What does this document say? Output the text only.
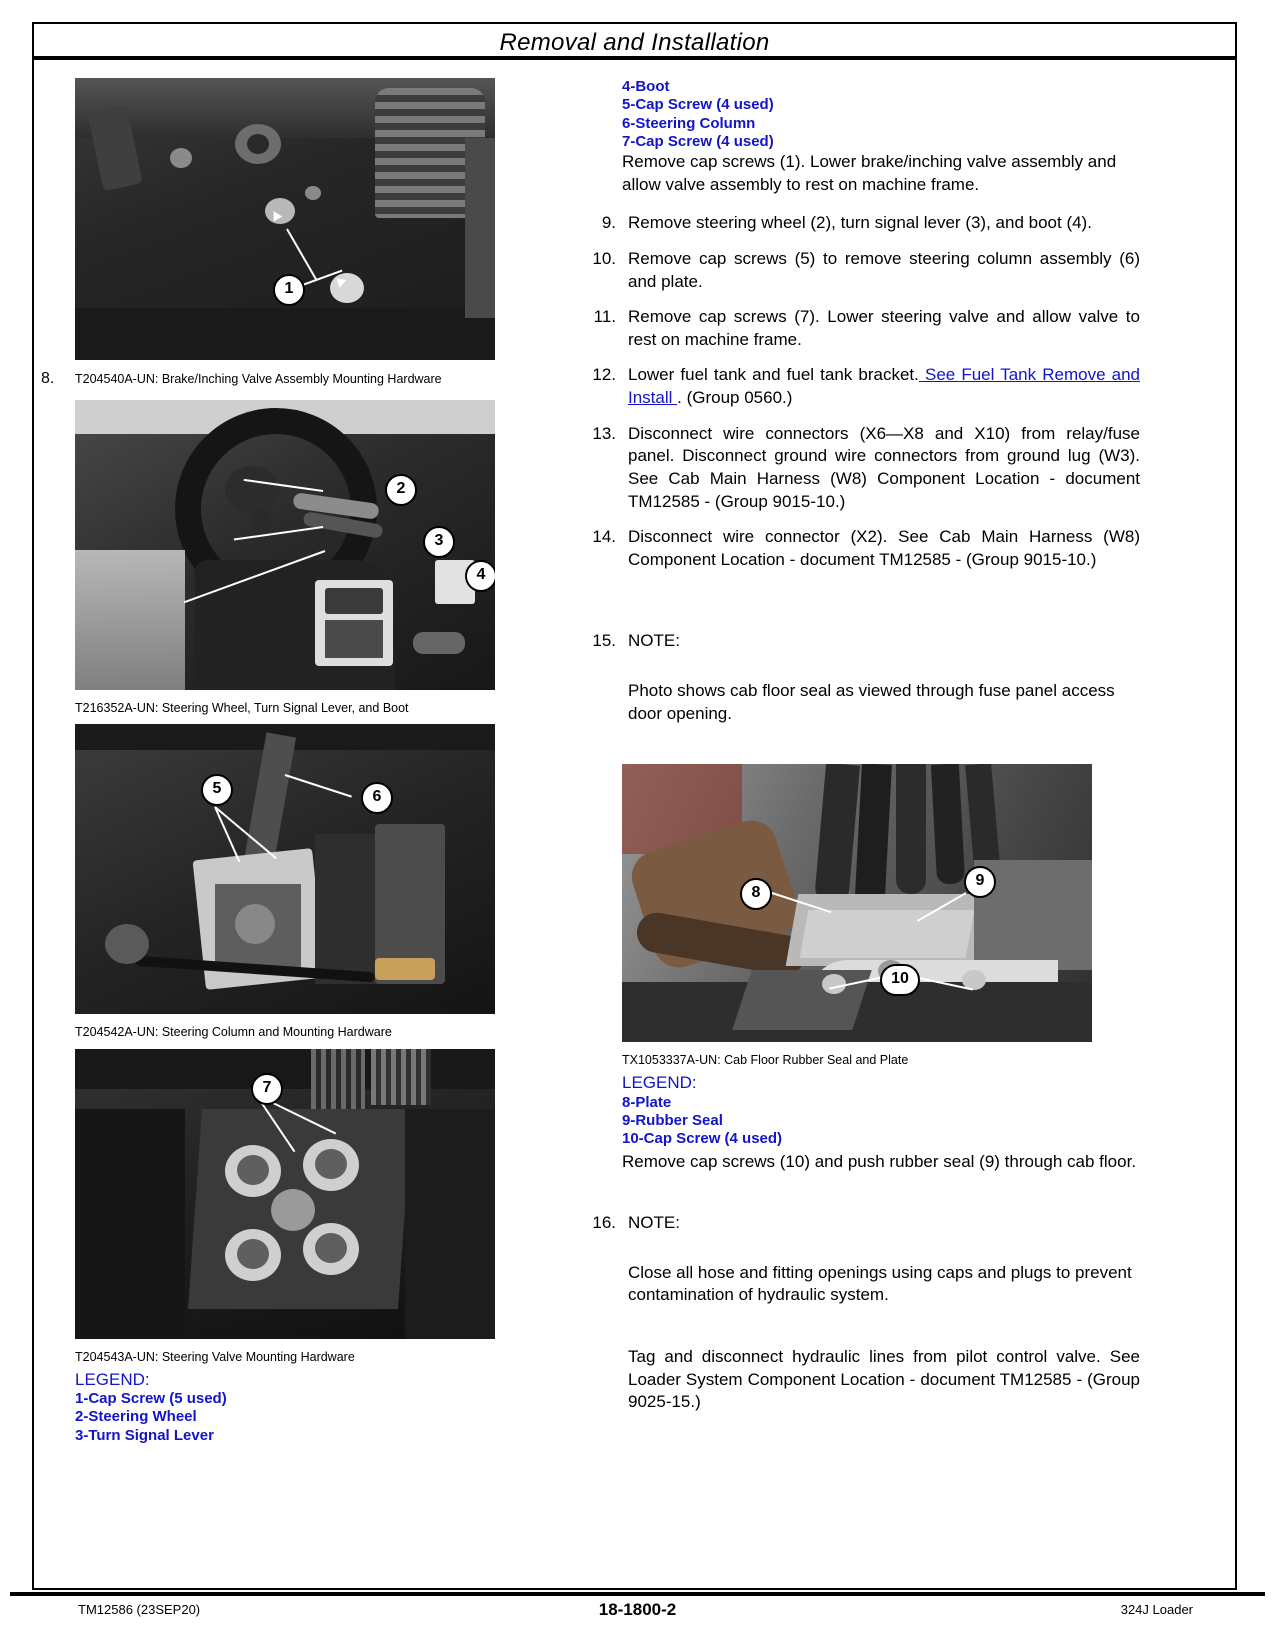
Removal and Installation
1
8. T204540A-UN: Brake/Inching Valve Assembly Mounting Hardware
2
3
4
T216352A-UN: Steering Wheel, Turn Signal Lever, and Boot
5	6
T204542A-UN: Steering Column and Mounting Hardware
7
T204543A-UN: Steering Valve Mounting Hardware
LEGEND:
1-Cap Screw (5 used)
2-Steering Wheel
3-Turn Signal Lever
4-Boot
5-Cap Screw (4 used)
6-Steering Column
7-Cap Screw (4 used)
Remove cap screws (1). Lower brake/inching valve assembly and allow valve assembly to rest on machine frame.
9. Remove steering wheel (2), turn signal lever (3), and boot (4).
10. Remove cap screws (5) to remove steering column assembly (6) and plate.
11. Remove cap screws (7). Lower steering valve and allow valve to rest on machine frame.
12. Lower fuel tank and fuel tank bracket. See Fuel Tank Remove and Install . (Group 0560.)
13. Disconnect wire connectors (X6—X8 and X10) from relay/fuse panel. Disconnect ground wire connectors from ground lug (W3). See Cab Main Harness (W8) Component Location - document TM12585 - (Group 9015-10.)
14. Disconnect wire connector (X2). See Cab Main Harness (W8) Component Location - document TM12585 - (Group 9015-10.)
15. NOTE:
Photo shows cab floor seal as viewed through fuse panel access door opening.
8
9
10
TX1053337A-UN: Cab Floor Rubber Seal and Plate
LEGEND:
8-Plate
9-Rubber Seal
10-Cap Screw (4 used)
Remove cap screws (10) and push rubber seal (9) through cab floor.
16. NOTE:
Close all hose and fitting openings using caps and plugs to prevent contamination of hydraulic system.
Tag and disconnect hydraulic lines from pilot control valve. See Loader System Component Location - document TM12585 - (Group 9025-15.)
TM12586 (23SEP20)	18-1800-2	324J Loader
